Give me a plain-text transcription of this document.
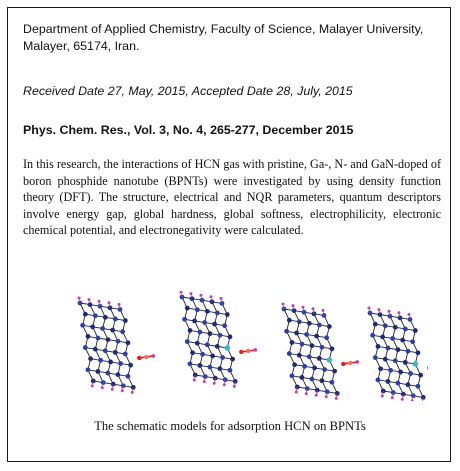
Department of Applied Chemistry, Faculty of Science, Malayer University, Malayer, 65174, Iran.
Received Date 27, May, 2015, Accepted Date 28, July, 2015
Phys. Chem. Res., Vol. 3, No. 4, 265-277, December 2015
In this research, the interactions of HCN gas with pristine, Ga-, N- and GaN-doped of boron phosphide nanotube (BPNTs) were investigated by using density function theory (DFT). The structure, electrical and NQR parameters, quantum descriptors involve energy gap, global hardness, global softness, electrophilicity, electronic chemical potential, and electronegativity were calculated.
The schematic models for adsorption HCN on BPNTs
